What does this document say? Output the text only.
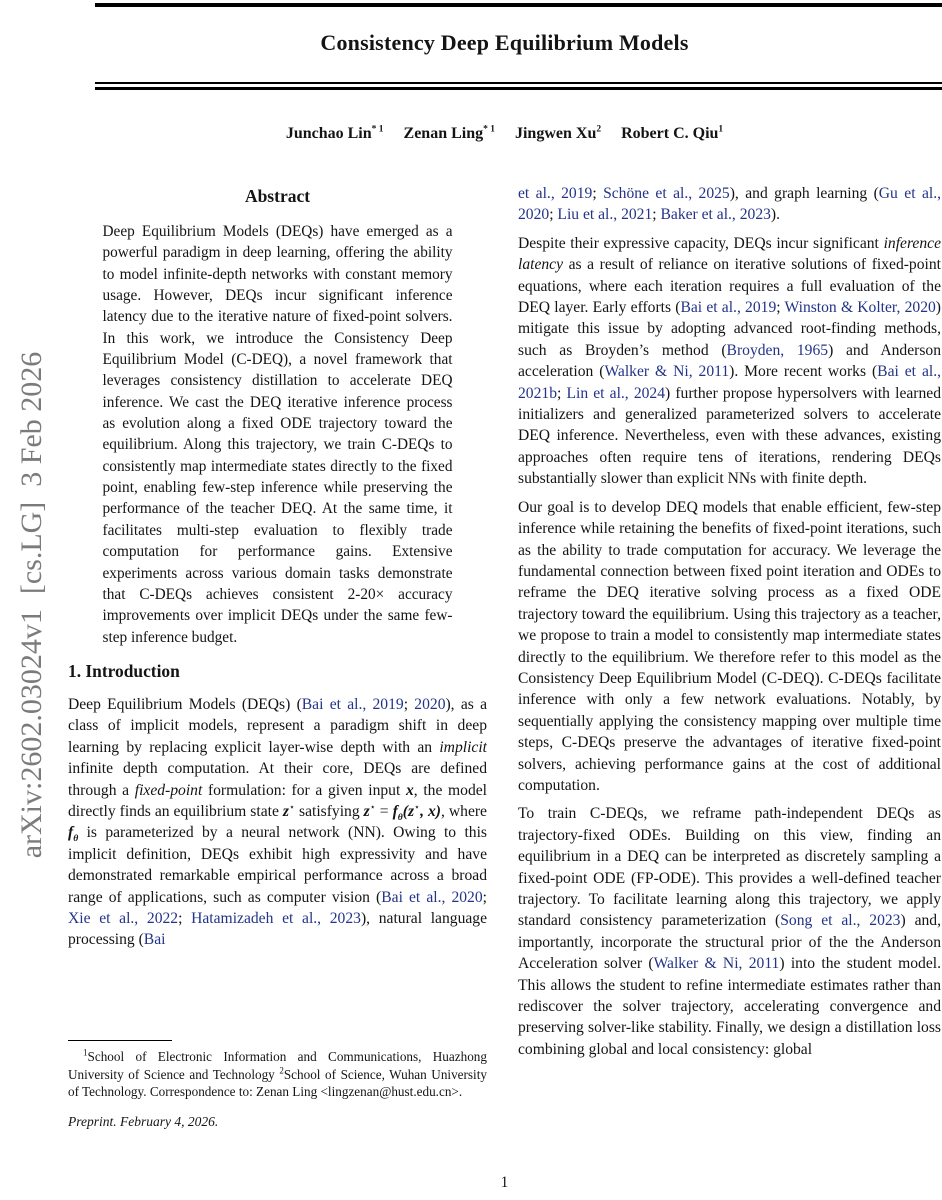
Consistency Deep Equilibrium Models
Junchao Lin$^{* 1}$ Zenan Ling$^{* 1}$ Jingwen Xu$^2$ Robert C. Qiu$^1$
arXiv:2602.03024v1  [cs.LG]  3 Feb 2026
Abstract

Deep Equilibrium Models (DEQs) have emerged as a powerful paradigm in deep learning, offering the ability to model infinite-depth networks with constant memory usage. However, DEQs incur significant inference latency due to the iterative nature of fixed-point solvers. In this work, we introduce the Consistency Deep Equilibrium Model (C-DEQ), a novel framework that leverages consistency distillation to accelerate DEQ inference. We cast the DEQ iterative inference process as evolution along a fixed ODE trajectory toward the equilibrium. Along this trajectory, we train C-DEQs to consistently map intermediate states directly to the fixed point, enabling few-step inference while preserving the performance of the teacher DEQ. At the same time, it facilitates multi-step evaluation to flexibly trade computation for performance gains. Extensive experiments across various domain tasks demonstrate that C-DEQs achieves consistent 2-20× accuracy improvements over implicit DEQs under the same few-step inference budget.

1. Introduction

Deep Equilibrium Models (DEQs) (Bai et al., 2019; 2020), as a class of implicit models, represent a paradigm shift in deep learning by replacing explicit layer-wise depth with an implicit infinite depth computation. At their core, DEQs are defined through a fixed-point formulation: for a given input x, the model directly finds an equilibrium state z⋆ satisfying $z^⋆ = f_\theta(z^⋆$, x), where $f_\theta$ is parameterized by a neural network (NN). Owing to this implicit definition, DEQs exhibit high expressivity and have demonstrated remarkable empirical performance across a broad range of applications, such as computer vision (Bai et al., 2020; Xie et al., 2022; Hatamizadeh et al., 2023), natural language processing (Bai

et al., 2019; Schöne et al., 2025), and graph learning (Gu et al., 2020; Liu et al., 2021; Baker et al., 2023).

Despite their expressive capacity, DEQs incur significant inference latency as a result of reliance on iterative solutions of fixed-point equations, where each iteration requires a full evaluation of the DEQ layer. Early efforts (Bai et al., 2019; Winston & Kolter, 2020) mitigate this issue by adopting advanced root-finding methods, such as Broyden’s method (Broyden, 1965) and Anderson acceleration (Walker & Ni, 2011). More recent works (Bai et al., 2021b; Lin et al., 2024) further propose hypersolvers with learned initializers and generalized parameterized solvers to accelerate DEQ inference. Nevertheless, even with these advances, existing approaches often require tens of iterations, rendering DEQs substantially slower than explicit NNs with finite depth.

Our goal is to develop DEQ models that enable efficient, few-step inference while retaining the benefits of fixed-point iterations, such as the ability to trade computation for accuracy. We leverage the fundamental connection between fixed point iteration and ODEs to reframe the DEQ iterative solving process as a fixed ODE trajectory toward the equilibrium. Using this trajectory as a teacher, we propose to train a model to consistently map intermediate states directly to the equilibrium. We therefore refer to this model as the Consistency Deep Equilibrium Model (C-DEQ). C-DEQs facilitate inference with only a few network evaluations. Notably, by sequentially applying the consistency mapping over multiple time steps, C-DEQs preserve the advantages of iterative fixed-point solvers, achieving performance gains at the cost of additional computation.

To train C-DEQs, we reframe path-independent DEQs as trajectory-fixed ODEs. Building on this view, finding an equilibrium in a DEQ can be interpreted as discretely sampling a fixed-point ODE (FP-ODE). This provides a well-defined teacher trajectory. To facilitate learning along this trajectory, we apply standard consistency parameterization (Song et al., 2023) and, importantly, incorporate the structural prior of the the Anderson Acceleration solver (Walker & Ni, 2011) into the student model. This allows the student to refine intermediate estimates rather than rediscover the solver trajectory, accelerating convergence and preserving solver-like stability. Finally, we design a distillation loss combining global and local consistency: global

$^1$School of Electronic Information and Communications, Huazhong University of Science and Technology $^2$School of Science, Wuhan University of Technology. Correspondence to: Zenan Ling <lingzenan@hust.edu.cn>.

Preprint. February 4, 2026.

1
